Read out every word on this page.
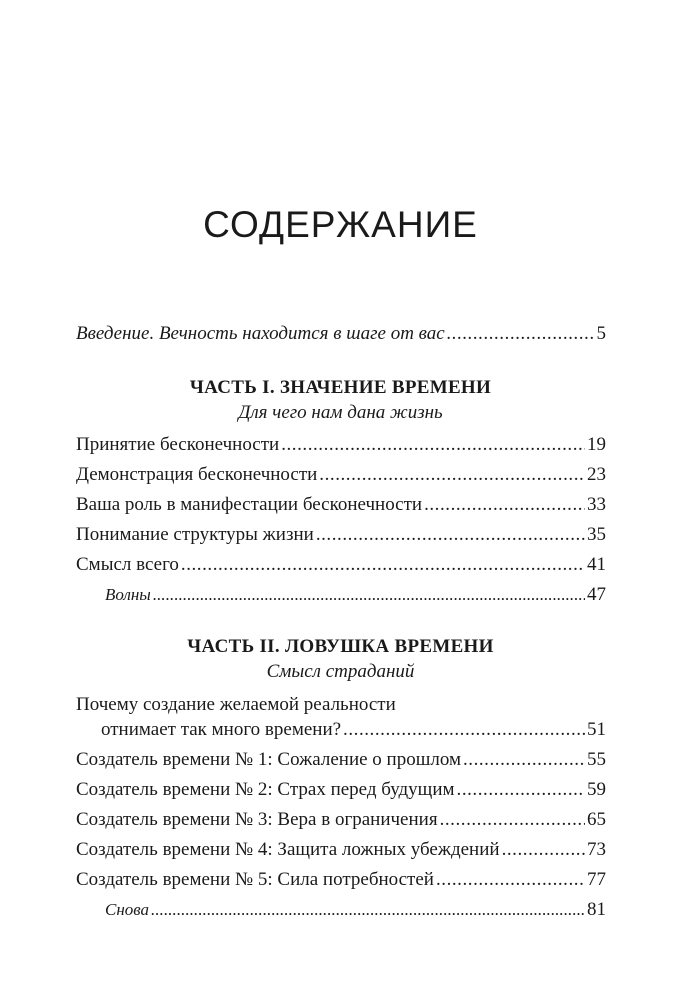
СОДЕРЖАНИЕ
Введение. Вечность находится в шаге от вас . . .	5
ЧАСТЬ I. ЗНАЧЕНИЕ ВРЕМЕНИ
Для чего нам дана жизнь
Принятие бесконечности . . .	19
Демонстрация бесконечности . . .	23
Ваша роль в манифестации бесконечности . . .	33
Понимание структуры жизни . . .	35
Смысл всего . . .	41
Волны . . .	47
ЧАСТЬ II. ЛОВУШКА ВРЕМЕНИ
Смысл страданий
Почему создание желаемой реальности
отнимает так много времени? . . .	51
Создатель времени № 1: Сожаление о прошлом . . .	55
Создатель времени № 2: Страх перед будущим . . .	59
Создатель времени № 3: Вера в ограничения . . .	65
Создатель времени № 4: Защита ложных убеждений . . .	73
Создатель времени № 5: Сила потребностей . . .	77
Снова . . .	81
